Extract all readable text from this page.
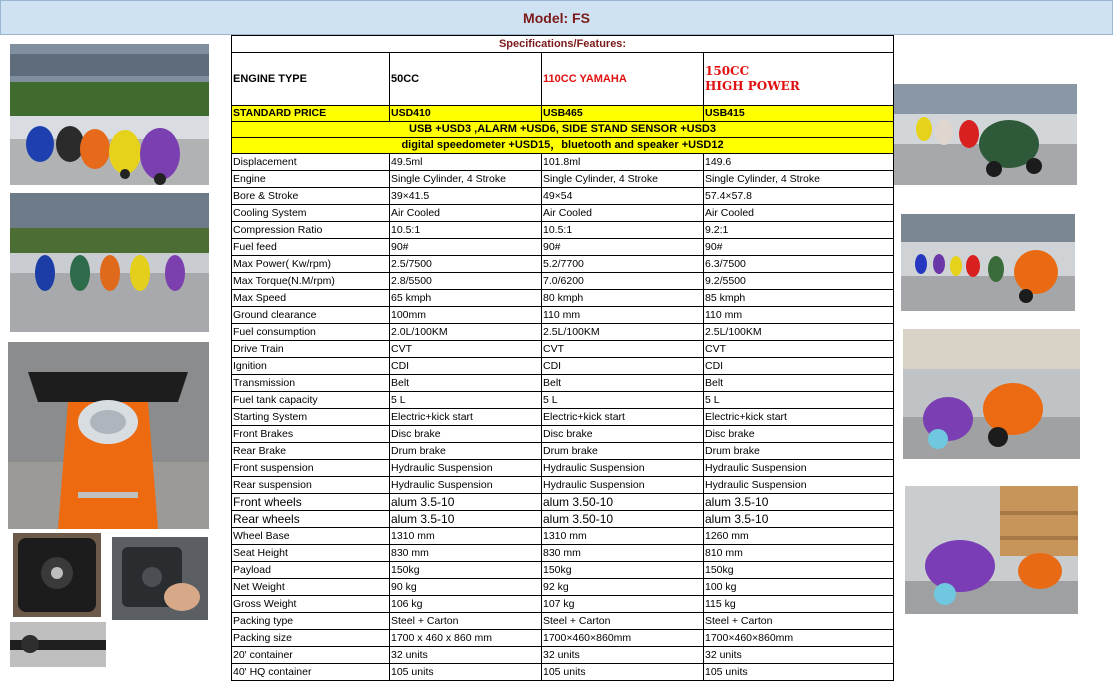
Model: FS
Specifications/Features:			
ENGINE TYPE	50CC	110CC YAMAHA	150CC
HIGH POWER

STANDARD PRICE	USD410	USB465	USB415
USB +USD3 ,ALARM +USD6, SIDE STAND SENSOR +USD3			
digital speedometer +USD15，bluetooth and speaker +USD12			
Displacement	49.5ml	101.8ml	149.6
Engine	Single Cylinder, 4 Stroke	Single Cylinder, 4 Stroke	Single Cylinder, 4 Stroke
Bore & Stroke	39×41.5	49×54	57.4×57.8
Cooling System	Air Cooled	Air Cooled	Air Cooled
Compression Ratio	10.5:1	10.5:1	9.2:1
Fuel feed	90#	90#	90#
Max Power( Kw/rpm)	2.5/7500	5.2/7700	6.3/7500
Max Torque(N.M/rpm)	2.8/5500	7.0/6200	9.2/5500
Max Speed	65 kmph	80 kmph	85 kmph
Ground clearance	100mm	110 mm	110 mm
Fuel consumption	2.0L/100KM	2.5L/100KM	2.5L/100KM
Drive Train	CVT	CVT	CVT
Ignition	CDI	CDI	CDI
Transmission	Belt	Belt	Belt
Fuel tank capacity	5 L	5 L	5 L
Starting System	Electric+kick start	Electric+kick start	Electric+kick start
Front Brakes	Disc brake	Disc brake	Disc brake
Rear Brake	Drum brake	Drum brake	Drum brake
Front suspension	Hydraulic Suspension	Hydraulic Suspension	Hydraulic Suspension
Rear suspension	Hydraulic Suspension	Hydraulic Suspension	Hydraulic Suspension
Front wheels	alum 3.5-10	alum 3.50-10	alum 3.5-10
Rear wheels	alum 3.5-10	alum 3.50-10	alum 3.5-10
Wheel Base	1310 mm	1310 mm	1260 mm
Seat Height	830 mm	830 mm	810 mm
Payload	150kg	150kg	150kg
Net Weight	90 kg	92 kg	100 kg
Gross Weight	106 kg	107 kg	115 kg
Packing type	Steel + Carton	Steel + Carton	Steel + Carton
Packing size	1700 x 460 x 860 mm	1700×460×860mm	1700×460×860mm
20' container	32 units	32 units	32 units
40' HQ container	105 units	105 units	105 units
